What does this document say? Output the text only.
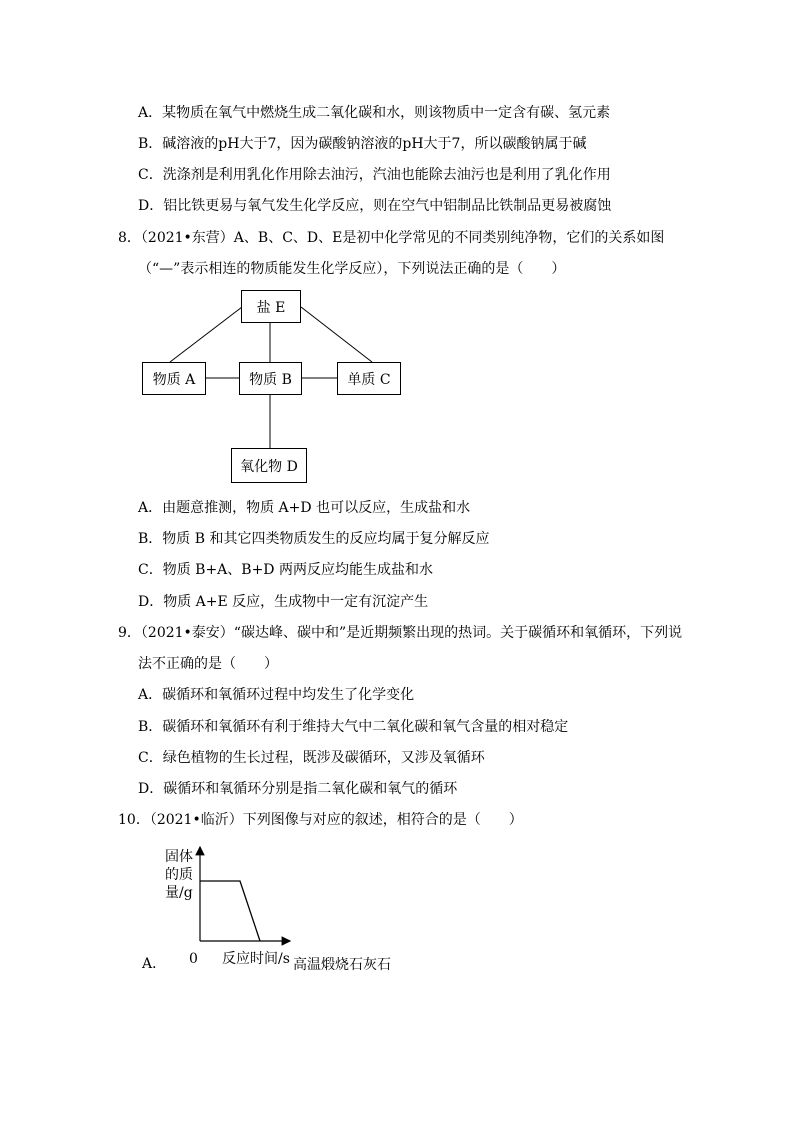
A．某物质在氧气中燃烧生成二氧化碳和水，则该物质中一定含有碳、氢元素
B．碱溶液的pH大于7，因为碳酸钠溶液的pH大于7，所以碳酸钠属于碱
C．洗涤剂是利用乳化作用除去油污，汽油也能除去油污也是利用了乳化作用
D．铝比铁更易与氧气发生化学反应，则在空气中铝制品比铁制品更易被腐蚀
8．（2021•东营）A、B、C、D、E是初中化学常见的不同类别纯净物，它们的关系如图
（“—”表示相连的物质能发生化学反应），下列说法正确的是（　　）
盐 E
物质 A	物质 B	单质 C
氧化物 D
A．由题意推测，物质 A+D 也可以反应，生成盐和水
B．物质 B 和其它四类物质发生的反应均属于复分解反应
C．物质 B+A、B+D 两两反应均能生成盐和水
D．物质 A+E 反应，生成物中一定有沉淀产生
9．（2021•泰安）“碳达峰、碳中和”是近期频繁出现的热词。关于碳循环和氧循环，下列说
法不正确的是（　　）
A．碳循环和氧循环过程中均发生了化学变化
B．碳循环和氧循环有利于维持大气中二氧化碳和氧气含量的相对稳定
C．绿色植物的生长过程，既涉及碳循环，又涉及氧循环
D．碳循环和氧循环分别是指二氧化碳和氧气的循环
10．（2021•临沂）下列图像与对应的叙述，相符合的是（　　）
固体
的质
量/g
0 反应时间/s
A．	高温煅烧石灰石
